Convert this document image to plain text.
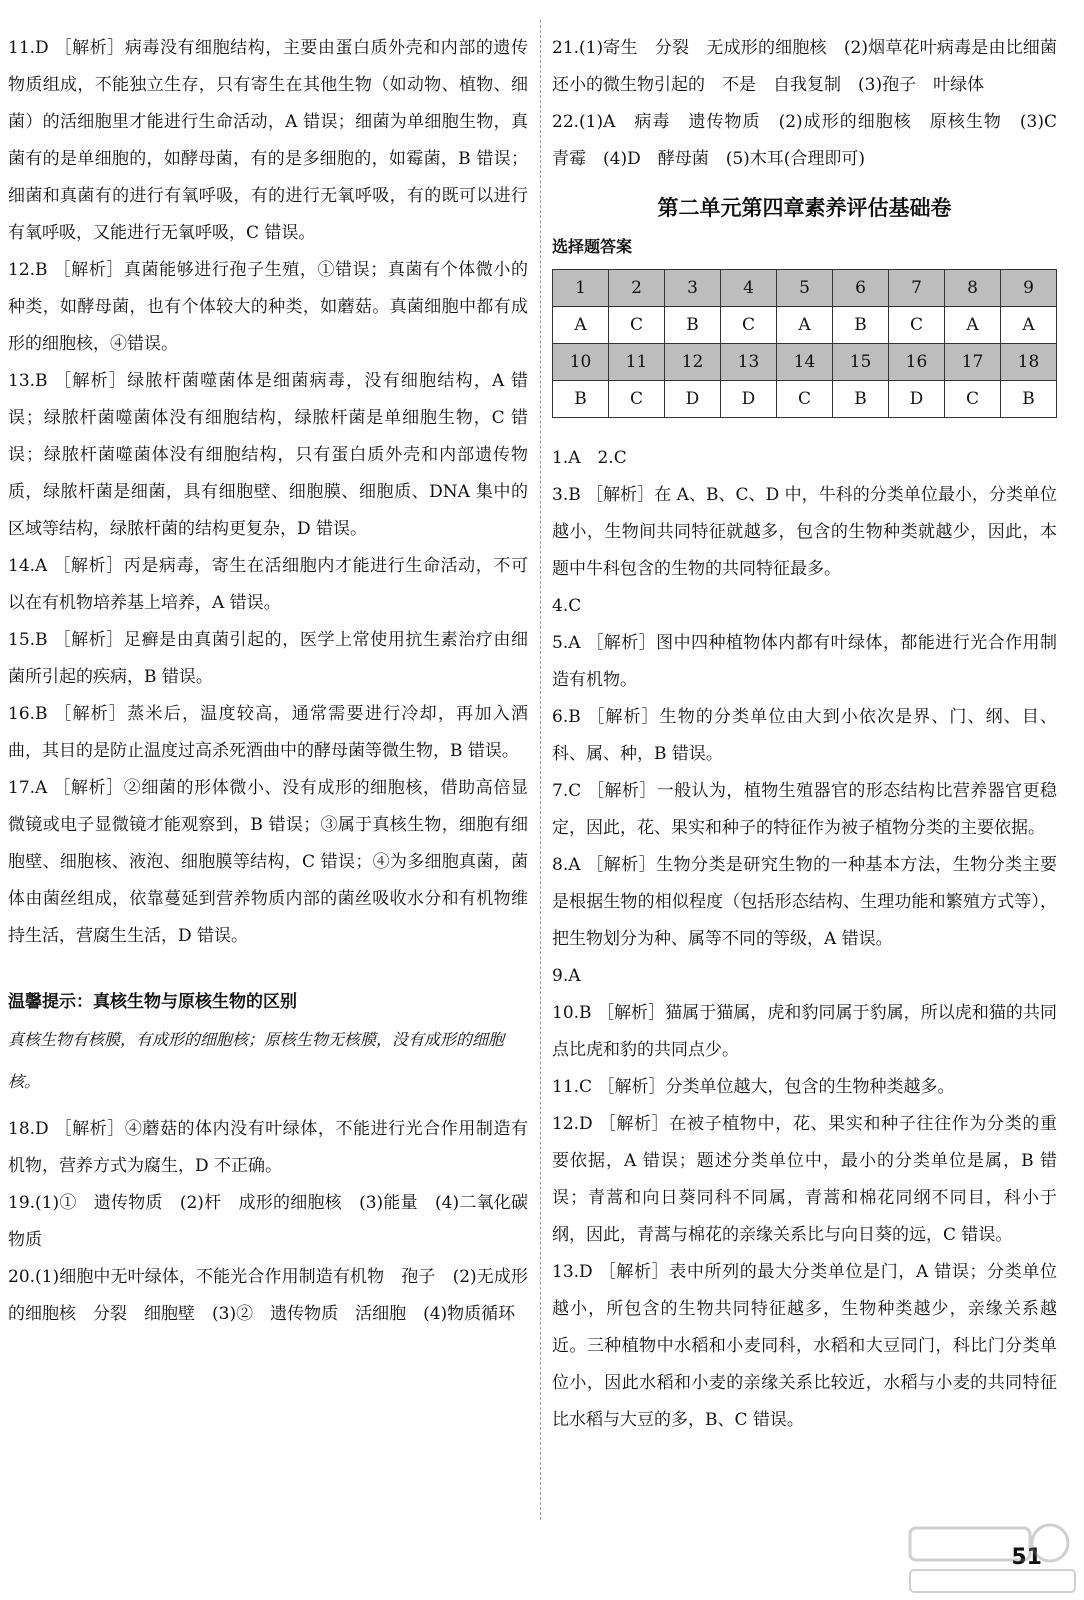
11.D ［解析］病毒没有细胞结构，主要由蛋白质外壳和内部的遗传物质组成，不能独立生存，只有寄生在其他生物（如动物、植物、细菌）的活细胞里才能进行生命活动，A 错误；细菌为单细胞生物，真菌有的是单细胞的，如酵母菌，有的是多细胞的，如霉菌，B 错误；细菌和真菌有的进行有氧呼吸，有的进行无氧呼吸，有的既可以进行有氧呼吸，又能进行无氧呼吸，C 错误。
12.B ［解析］真菌能够进行孢子生殖，①错误；真菌有个体微小的种类，如酵母菌，也有个体较大的种类，如蘑菇。真菌细胞中都有成形的细胞核，④错误。
13.B ［解析］绿脓杆菌噬菌体是细菌病毒，没有细胞结构，A 错误；绿脓杆菌噬菌体没有细胞结构，绿脓杆菌是单细胞生物，C 错误；绿脓杆菌噬菌体没有细胞结构，只有蛋白质外壳和内部遗传物质，绿脓杆菌是细菌，具有细胞壁、细胞膜、细胞质、DNA 集中的区域等结构，绿脓杆菌的结构更复杂，D 错误。
14.A ［解析］丙是病毒，寄生在活细胞内才能进行生命活动，不可以在有机物培养基上培养，A 错误。
15.B ［解析］足癣是由真菌引起的，医学上常使用抗生素治疗由细菌所引起的疾病，B 错误。
16.B ［解析］蒸米后，温度较高，通常需要进行冷却，再加入酒曲，其目的是防止温度过高杀死酒曲中的酵母菌等微生物，B 错误。
17.A ［解析］②细菌的形体微小、没有成形的细胞核，借助高倍显微镜或电子显微镜才能观察到，B 错误；③属于真核生物，细胞有细胞壁、细胞核、液泡、细胞膜等结构，C 错误；④为多细胞真菌，菌体由菌丝组成，依靠蔓延到营养物质内部的菌丝吸收水分和有机物维持生活，营腐生生活，D 错误。
温馨提示：真核生物与原核生物的区别
真核生物有核膜，有成形的细胞核；原核生物无核膜，没有成形的细胞核。
18.D ［解析］④蘑菇的体内没有叶绿体，不能进行光合作用制造有机物，营养方式为腐生，D 不正确。
19.(1)①　遗传物质　(2)杆　成形的细胞核　(3)能量　(4)二氧化碳　物质
20.(1)细胞中无叶绿体，不能光合作用制造有机物　孢子　(2)无成形的细胞核　分裂　细胞壁　(3)②　遗传物质　活细胞　(4)物质循环
21.(1)寄生　分裂　无成形的细胞核　(2)烟草花叶病毒是由比细菌还小的微生物引起的　不是　自我复制　(3)孢子　叶绿体
22.(1)A　病毒　遗传物质　(2)成形的细胞核　原核生物　(3)C　青霉　(4)D　酵母菌　(5)木耳(合理即可)
第二单元第四章素养评估基础卷
选择题答案
1	2	3	4	5	6	7	8	9
A	C	B	C	A	B	C	A	A
10	11	12	13	14	15	16	17	18
B	C	D	D	C	B	D	C	B
1.A　2.C
3.B ［解析］在 A、B、C、D 中，牛科的分类单位最小，分类单位越小，生物间共同特征就越多，包含的生物种类就越少，因此，本题中牛科包含的生物的共同特征最多。
4.C
5.A ［解析］图中四种植物体内都有叶绿体，都能进行光合作用制造有机物。
6.B ［解析］生物的分类单位由大到小依次是界、门、纲、目、科、属、种，B 错误。
7.C ［解析］一般认为，植物生殖器官的形态结构比营养器官更稳定，因此，花、果实和种子的特征作为被子植物分类的主要依据。
8.A ［解析］生物分类是研究生物的一种基本方法，生物分类主要是根据生物的相似程度（包括形态结构、生理功能和繁殖方式等），把生物划分为种、属等不同的等级，A 错误。
9.A
10.B ［解析］猫属于猫属，虎和豹同属于豹属，所以虎和猫的共同点比虎和豹的共同点少。
11.C ［解析］分类单位越大，包含的生物种类越多。
12.D ［解析］在被子植物中，花、果实和种子往往作为分类的重要依据，A 错误；题述分类单位中，最小的分类单位是属，B 错误；青蒿和向日葵同科不同属，青蒿和棉花同纲不同目，科小于纲，因此，青蒿与棉花的亲缘关系比与向日葵的远，C 错误。
13.D ［解析］表中所列的最大分类单位是门，A 错误；分类单位越小，所包含的生物共同特征越多，生物种类越少，亲缘关系越近。三种植物中水稻和小麦同科，水稻和大豆同门，科比门分类单位小，因此水稻和小麦的亲缘关系比较近，水稻与小麦的共同特征比水稻与大豆的多，B、C 错误。
51
